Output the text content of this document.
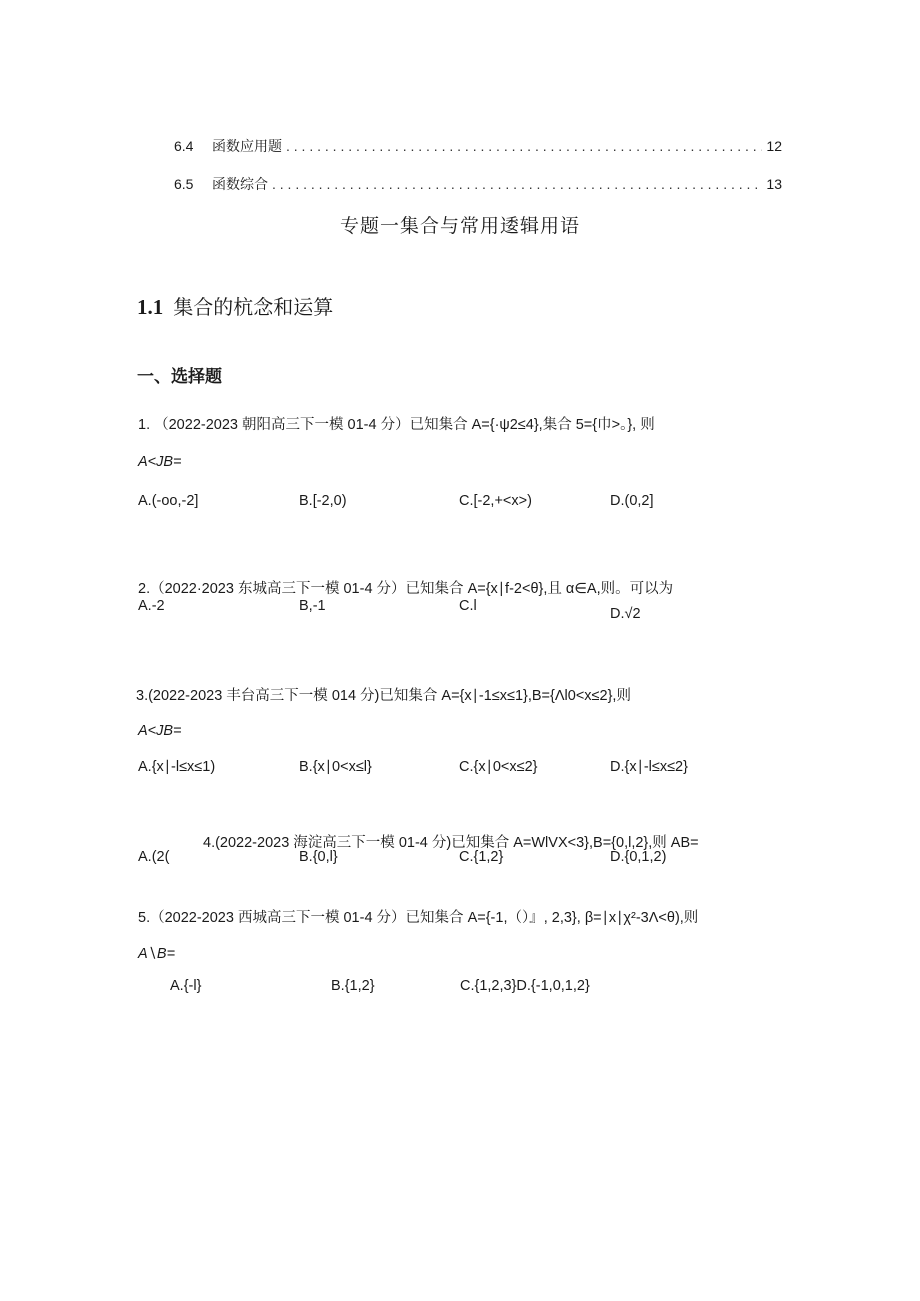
6.4	函数应用题 . . .	12
6.5	函数综合 . . .	13
专题一集合与常用逶辑用语
1.1 集合的杭念和运算
一、选择题
1. （2022-2023 朝阳高三下一模 01-4 分）已知集合 A={·ψ2≤4},集合 5={巾>。}, 则
A<JB=
A.(-oo,-2]	B.[-2,0)	C.[-2,+<x>)	D.(0,2]
2.（2022·2023 东城高三下一模 01-4 分）已知集合 A={x∣f-2<θ},且 α∈A,则。可以为
A.-2	B,-1	C.l	D.√2
3.(2022-2023 丰台高三下一模 014 分)已知集合 A={x∣-1≤x≤1},B={Λl0<x≤2},则
A<JB=
A.{x∣-l≤x≤1)	B.{x∣0<x≤l}	C.{x∣0<x≤2}	D.{x∣-l≤x≤2}
4.(2022-2023 海淀高三下一模 01-4 分)已知集合 A=WlVX<3},B={0,l,2},则 AB=
A.(2(	B.{0,l}	C.{1,2}	D.{0,1,2)
5.（2022-2023 西城高三下一模 01-4 分）已知集合 A={-1,（）』, 2,3}, β=∣x∣χ²-3Λ<θ),则
A∖B=
A.{-l}	B.{1,2}	C.{1,2,3}D.{-1,0,1,2}
